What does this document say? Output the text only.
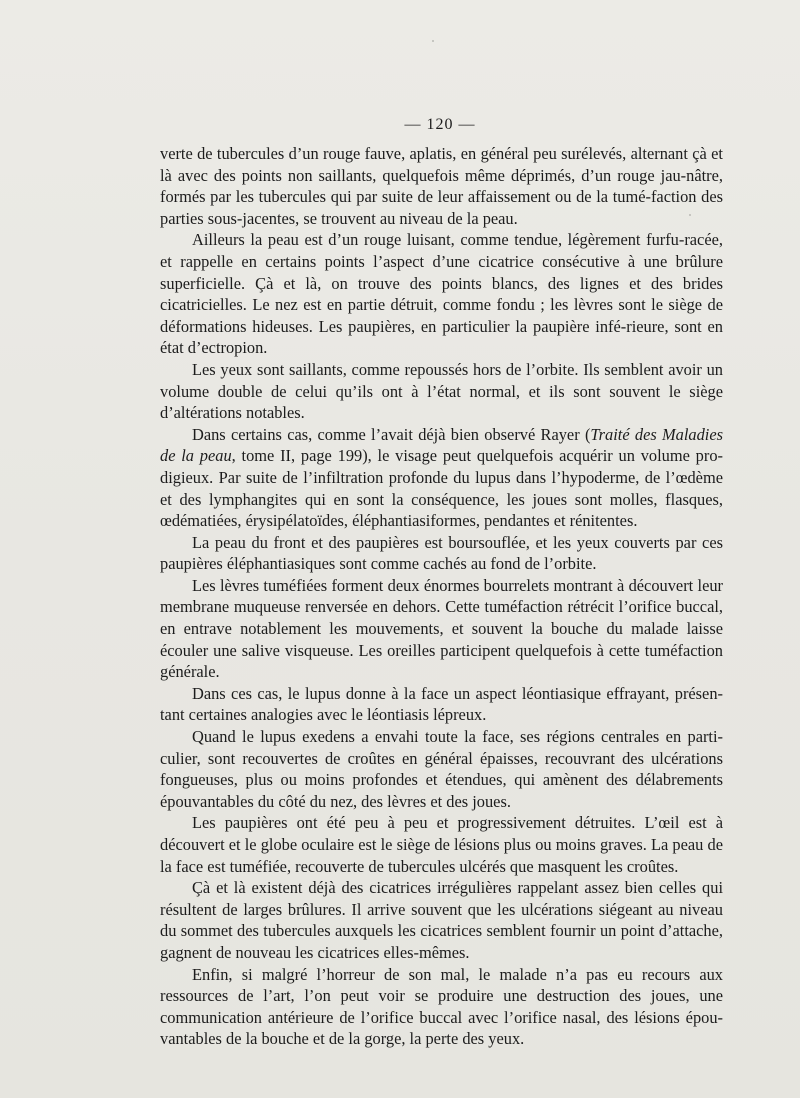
— 120 —

verte de tubercules d’un rouge fauve, aplatis, en général peu surélevés, alternant çà et là avec des points non saillants, quelquefois même déprimés, d’un rouge jau-nâtre, formés par les tubercules qui par suite de leur affaissement ou de la tumé-faction des parties sous-jacentes, se trouvent au niveau de la peau.

Ailleurs la peau est d’un rouge luisant, comme tendue, légèrement furfu-racée, et rappelle en certains points l’aspect d’une cicatrice consécutive à une brûlure superficielle. Çà et là, on trouve des points blancs, des lignes et des brides cicatricielles. Le nez est en partie détruit, comme fondu ; les lèvres sont le siège de déformations hideuses. Les paupières, en particulier la paupière infé-rieure, sont en état d’ectropion.

Les yeux sont saillants, comme repoussés hors de l’orbite. Ils semblent avoir un volume double de celui qu’ils ont à l’état normal, et ils sont souvent le siège d’altérations notables.

Dans certains cas, comme l’avait déjà bien observé Rayer (Traité des Maladies de la peau, tome II, page 199), le visage peut quelquefois acquérir un volume pro-digieux. Par suite de l’infiltration profonde du lupus dans l’hypoderme, de l’œdème et des lymphangites qui en sont la conséquence, les joues sont molles, flasques, œdématiées, érysipélatoïdes, éléphantiasiformes, pendantes et rénitentes.

La peau du front et des paupières est boursouflée, et les yeux couverts par ces paupières éléphantiasiques sont comme cachés au fond de l’orbite.

Les lèvres tuméfiées forment deux énormes bourrelets montrant à découvert leur membrane muqueuse renversée en dehors. Cette tuméfaction rétrécit l’orifice buccal, en entrave notablement les mouvements, et souvent la bouche du malade laisse écouler une salive visqueuse. Les oreilles participent quelquefois à cette tuméfaction générale.

Dans ces cas, le lupus donne à la face un aspect léontiasique effrayant, présen-tant certaines analogies avec le léontiasis lépreux.

Quand le lupus exedens a envahi toute la face, ses régions centrales en parti-culier, sont recouvertes de croûtes en général épaisses, recouvrant des ulcérations fongueuses, plus ou moins profondes et étendues, qui amènent des délabrements épouvantables du côté du nez, des lèvres et des joues.

Les paupières ont été peu à peu et progressivement détruites. L’œil est à découvert et le globe oculaire est le siège de lésions plus ou moins graves. La peau de la face est tuméfiée, recouverte de tubercules ulcérés que masquent les croûtes.

Çà et là existent déjà des cicatrices irrégulières rappelant assez bien celles qui résultent de larges brûlures. Il arrive souvent que les ulcérations siégeant au niveau du sommet des tubercules auxquels les cicatrices semblent fournir un point d’attache, gagnent de nouveau les cicatrices elles-mêmes.

Enfin, si malgré l’horreur de son mal, le malade n’a pas eu recours aux ressources de l’art, l’on peut voir se produire une destruction des joues, une communication antérieure de l’orifice buccal avec l’orifice nasal, des lésions épou-vantables de la bouche et de la gorge, la perte des yeux.
